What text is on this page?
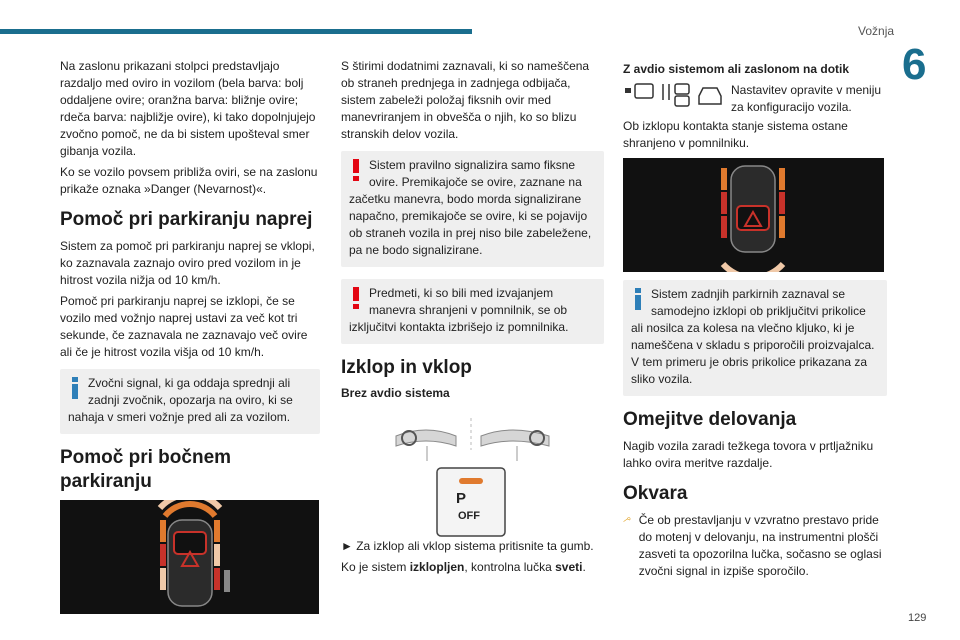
Vožnja
6
129

Na zaslonu prikazani stolpci predstavljajo razdaljo med oviro in vozilom (bela barva: bolj oddaljene ovire; oranžna barva: bližnje ovire; rdeča barva: najbližje ovire), ki tako dopolnjujejo zvočno pomoč, ne da bi sistem upošteval smer gibanja vozila.

Ko se vozilo povsem približa oviri, se na zaslonu prikaže oznaka »Danger (Nevarnost)«.

Pomoč pri parkiranju naprej

Sistem za pomoč pri parkiranju naprej se vklopi, ko zaznavala zaznajo oviro pred vozilom in je hitrost vozila nižja od 10 km/h.

Pomoč pri parkiranju naprej se izklopi, če se vozilo med vožnjo naprej ustavi za več kot tri sekunde, če zaznavala ne zaznavajo več ovire ali če je hitrost vozila višja od 10 km/h.

Zvočni signal, ki ga oddaja sprednji ali zadnji zvočnik, opozarja na oviro, ki se nahaja v smeri vožnje pred ali za vozilom.
Pomoč pri bočnem parkiranju

S štirimi dodatnimi zaznavali, ki so nameščena ob straneh prednjega in zadnjega odbijača, sistem zabeleži položaj fiksnih ovir med manevriranjem in obvešča o njih, ko so blizu stranskih delov vozila.

Sistem pravilno signalizira samo fiksne ovire. Premikajoče se ovire, zaznane na začetku manevra, bodo morda signalizirane napačno, premikajoče se ovire, ki se pojavijo ob straneh vozila in prej niso bile zabeležene, pa ne bodo signalizirane.
Predmeti, ki so bili med izvajanjem manevra shranjeni v pomnilnik, se ob izključitvi kontakta izbrišejo iz pomnilnika.
Izklop in vklop
Brez avdio sistema
P
OFF

► Za izklop ali vklop sistema pritisnite ta gumb.

Ko je sistem izklopljen, kontrolna lučka sveti.

Z avdio sistemom ali zaslonom na dotik

Nastavitev opravite v meniju za konfiguracijo vozila.

Ob izklopu kontakta stanje sistema ostane shranjeno v pomnilniku.

Sistem zadnjih parkirnih zaznaval se samodejno izklopi ob priključitvi prikolice ali nosilca za kolesa na vlečno kljuko, ki je nameščena v skladu s priporočili proizvajalca. V tem primeru je obris prikolice prikazana za sliko vozila.
Omejitve delovanja

Nagib vozila zaradi težkega tovora v prtljažniku lahko ovira meritve razdalje.

Okvara

Če ob prestavljanju v vzvratno prestavo pride do motenj v delovanju, na instrumentni plošči zasveti ta opozorilna lučka, sočasno se oglasi zvočni signal in izpiše sporočilo.
